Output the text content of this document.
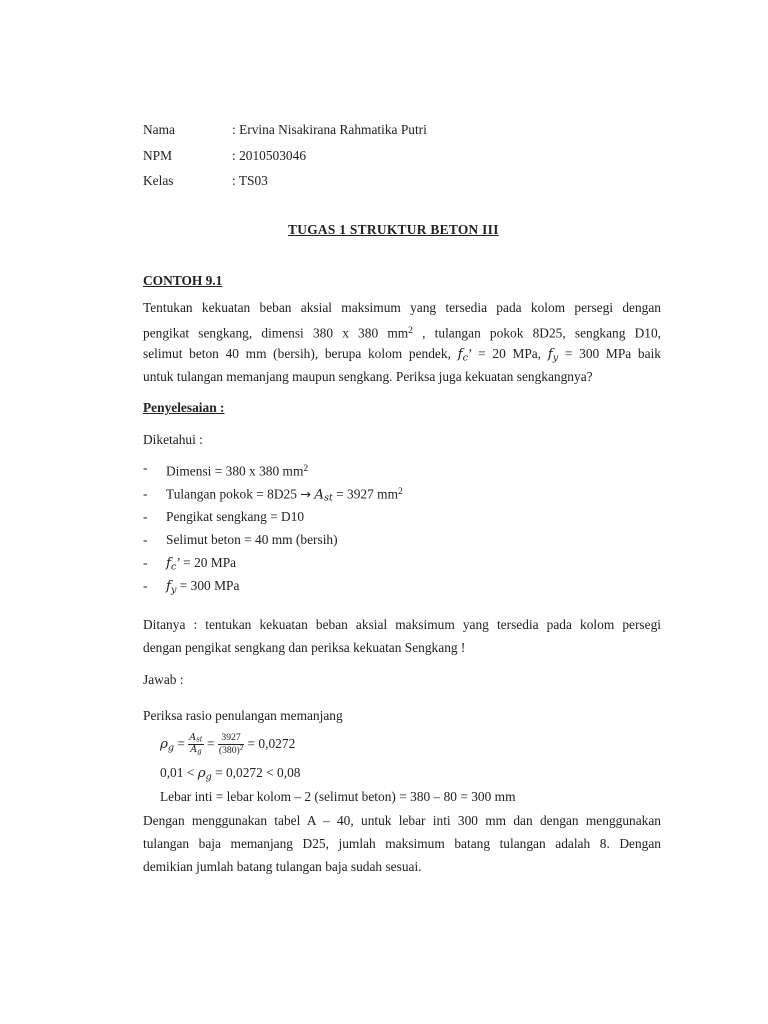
Nama	: Ervina Nisakirana Rahmatika Putri
NPM	: 2010503046
Kelas	: TS03
TUGAS 1 STRUKTUR BETON III
CONTOH 9.1
Tentukan kekuatan beban aksial maksimum yang tersedia pada kolom persegi dengan
pengikat sengkang, dimensi 380 x 380 $mm^2$ , tulangan pokok 8D25, sengkang D10,
selimut beton 40 mm (bersih), berupa kolom pendek, $f_c$’ = 20 MPa, $f_y = 300$ MPa baik
untuk tulangan memanjang maupun sengkang. Periksa juga kekuatan sengkangnya?
Penyelesaian :
Diketahui :
- Dimensi = 380 x 380 $mm^2$
- Tulangan pokok = $8D25 \to A_{st} = 3927$ $mm^2$
- Pengikat sengkang = D10
- Selimut beton = 40 mm (bersih)
- $f_c$’ = 20 MPa
- $f_y = 300$ MPa
Ditanya : tentukan kekuatan beban aksial maksimum yang tersedia pada kolom persegi
dengan pengikat sengkang dan periksa kekuatan Sengkang !
Jawab :
Periksa rasio penulangan memanjang
$\rho_g = \frac{A_{st}}{A_g} = \frac{3927}{(380)^2} = 0,0272$
$0,01 < \rho_g = 0,0272 < 0,08$
Lebar inti = lebar kolom – 2 (selimut beton) = 380 – 80 = 300 mm
Dengan menggunakan tabel A – 40, untuk lebar inti 300 mm dan dengan menggunakan
tulangan baja memanjang D25, jumlah maksimum batang tulangan adalah 8. Dengan
demikian jumlah batang tulangan baja sudah sesuai.
